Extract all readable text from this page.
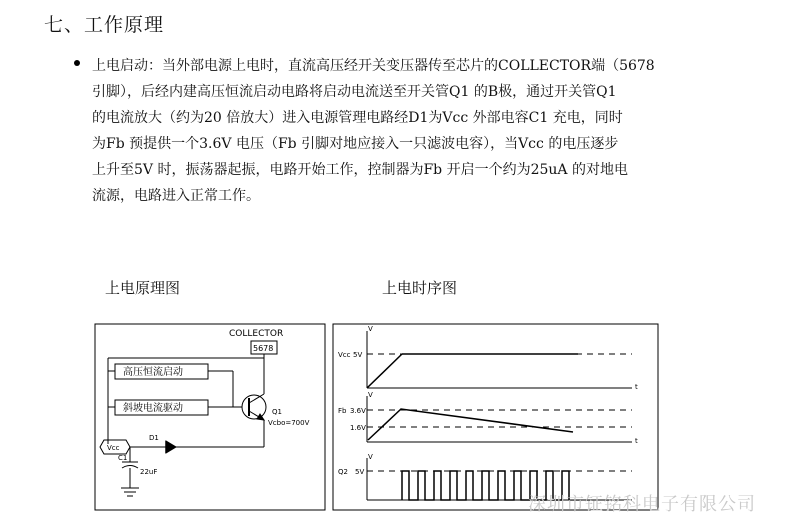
七、工作原理
上电启动：当外部电源上电时，直流高压经开关变压器传至芯片的COLLECTOR端（5678
引脚），后经内建高压恒流启动电路将启动电流送至开关管Q1 的B极，通过开关管Q1
的电流放大（约为20 倍放大）进入电源管理电路经D1为Vcc 外部电容C1 充电，同时
为Fb 预提供一个3.6V 电压（Fb 引脚对地应接入一只滤波电容），当Vcc 的电压逐步
上升至5V 时，振荡器起振，电路开始工作，控制器为Fb 开启一个约为25uA 的对地电
流源，电路进入正常工作。
上电原理图	上电时序图
COLLECTOR
5678
高压恒流启动
斜坡电流驱动	Q1
Vcbo=700V
Vcc
D1
C1
22uF
V
t
Vcc 5V
V
t
Fb 3.6V
1.6V
V
Q2 5V
深圳市钲铭科电子有限公司
